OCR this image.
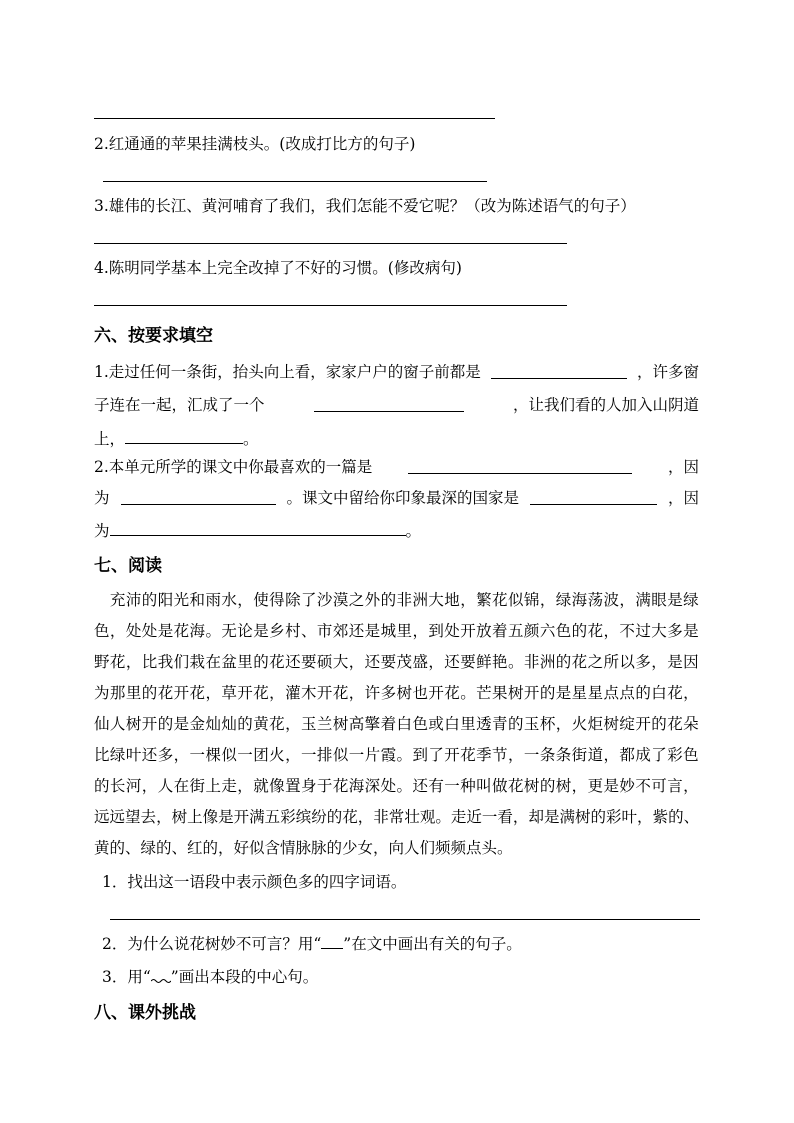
2.红通通的苹果挂满枝头。(改成打比方的句子)
3.雄伟的长江、黄河哺育了我们，我们怎能不爱它呢？（改为陈述语气的句子）
4.陈明同学基本上完全改掉了不好的习惯。(修改病句)
六、按要求填空
1.走过任何一条街，抬头向上看，家家户户的窗子前都是	，许多窗
子连在一起，汇成了一个	，让我们看的人加入山阴道
上，	。
2.本单元所学的课文中你最喜欢的一篇是	，因
为	。课文中留给你印象最深的国家是	，因
为	。
七、阅读

充 沛 的 阳 光 和 雨 水 ， 使 得 除 了 沙 漠 之 外 的 非 洲 大 地 ， 繁 花 似 锦 ， 绿 海 荡 波 ， 满 眼 是 绿
色 ， 处 处 是 花 海 。 无 论 是 乡 村 、 市 郊 还 是 城 里 ， 到 处 开 放 着 五 颜 六 色 的 花 ， 不 过 大 多 是
野 花 ， 比 我 们 栽 在 盆 里 的 花 还 要 硕 大 ， 还 要 茂 盛 ， 还 要 鲜 艳 。 非 洲 的 花 之 所 以 多 ， 是 因
为 那 里 的 花 开 花 ， 草 开 花 ， 灌 木 开 花 ， 许 多 树 也 开 花 。 芒 果 树 开 的 是 星 星 点 点 的 白 花 ，
仙 人 树 开 的 是 金 灿 灿 的 黄 花 ， 玉 兰 树 高 擎 着 白 色 或 白 里 透 青 的 玉 杯 ， 火 炬 树 绽 开 的 花 朵
比 绿 叶 还 多 ， 一 棵 似 一 团 火 ， 一 排 似 一 片 霞 。 到 了 开 花 季 节 ， 一 条 条 街 道 ， 都 成 了 彩 色
的 长 河 ， 人 在 街 上 走 ， 就 像 置 身 于 花 海 深 处 。 还 有 一 种 叫 做 花 树 的 树 ， 更 是 妙 不 可 言 ，
远 远 望 去 ， 树 上 像 是 开 满 五 彩 缤 纷 的 花 ， 非 常 壮 观 。 走 近 一 看 ， 却 是 满 树 的 彩 叶 ， 紫 的 、
黄的、绿的、红的，好似含情脉脉的少女，向人们频频点头。
1．找出这一语段中表示颜色多的四字词语。
2．为什么说花树妙不可言？用“ ”在文中画出有关的句子。
3．用“ ”画出本段的中心句。
八、课外挑战
